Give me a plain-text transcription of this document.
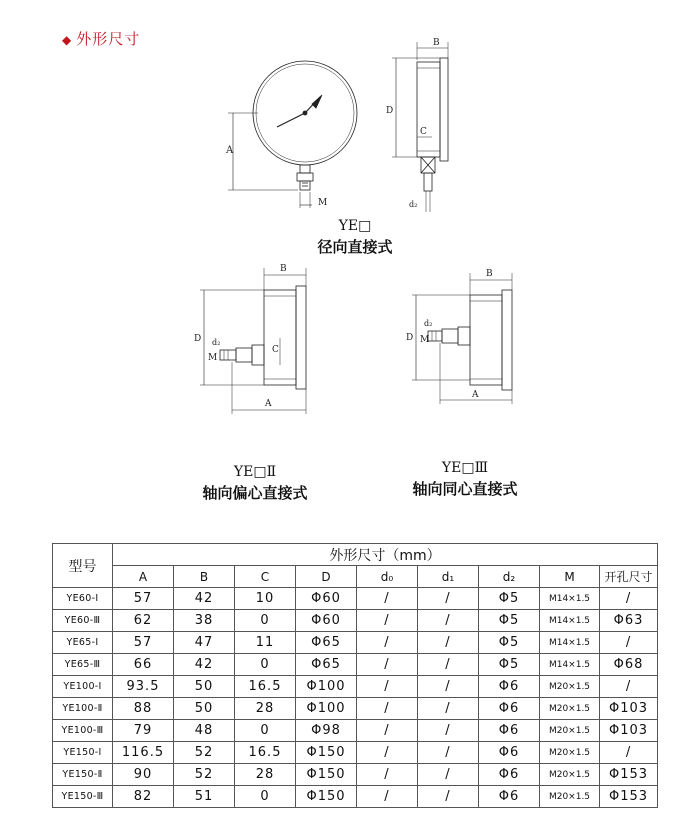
◆ 外形尺寸
A
M
B
D
C
d₂
B
D
A
C
M
d₂
B
D
A
M
d₂
YE□
径向直接式
YE□Ⅱ
轴向偏心直接式
YE□Ⅲ
轴向同心直接式
型号	外形尺寸（mm）								
	A	B	C	D	d₀	d₁	d₂	M	开孔尺寸
YE60-Ⅰ	57	42	10	Φ60	/	/	Φ5	M14×1.5	/
YE60-Ⅲ	62	38	0	Φ60	/	/	Φ5	M14×1.5	Φ63
YE65-Ⅰ	57	47	11	Φ65	/	/	Φ5	M14×1.5	/
YE65-Ⅲ	66	42	0	Φ65	/	/	Φ5	M14×1.5	Φ68
YE100-Ⅰ	93.5	50	16.5	Φ100	/	/	Φ6	M20×1.5	/
YE100-Ⅱ	88	50	28	Φ100	/	/	Φ6	M20×1.5	Φ103
YE100-Ⅲ	79	48	0	Φ98	/	/	Φ6	M20×1.5	Φ103
YE150-Ⅰ	116.5	52	16.5	Φ150	/	/	Φ6	M20×1.5	/
YE150-Ⅱ	90	52	28	Φ150	/	/	Φ6	M20×1.5	Φ153
YE150-Ⅲ	82	51	0	Φ150	/	/	Φ6	M20×1.5	Φ153
